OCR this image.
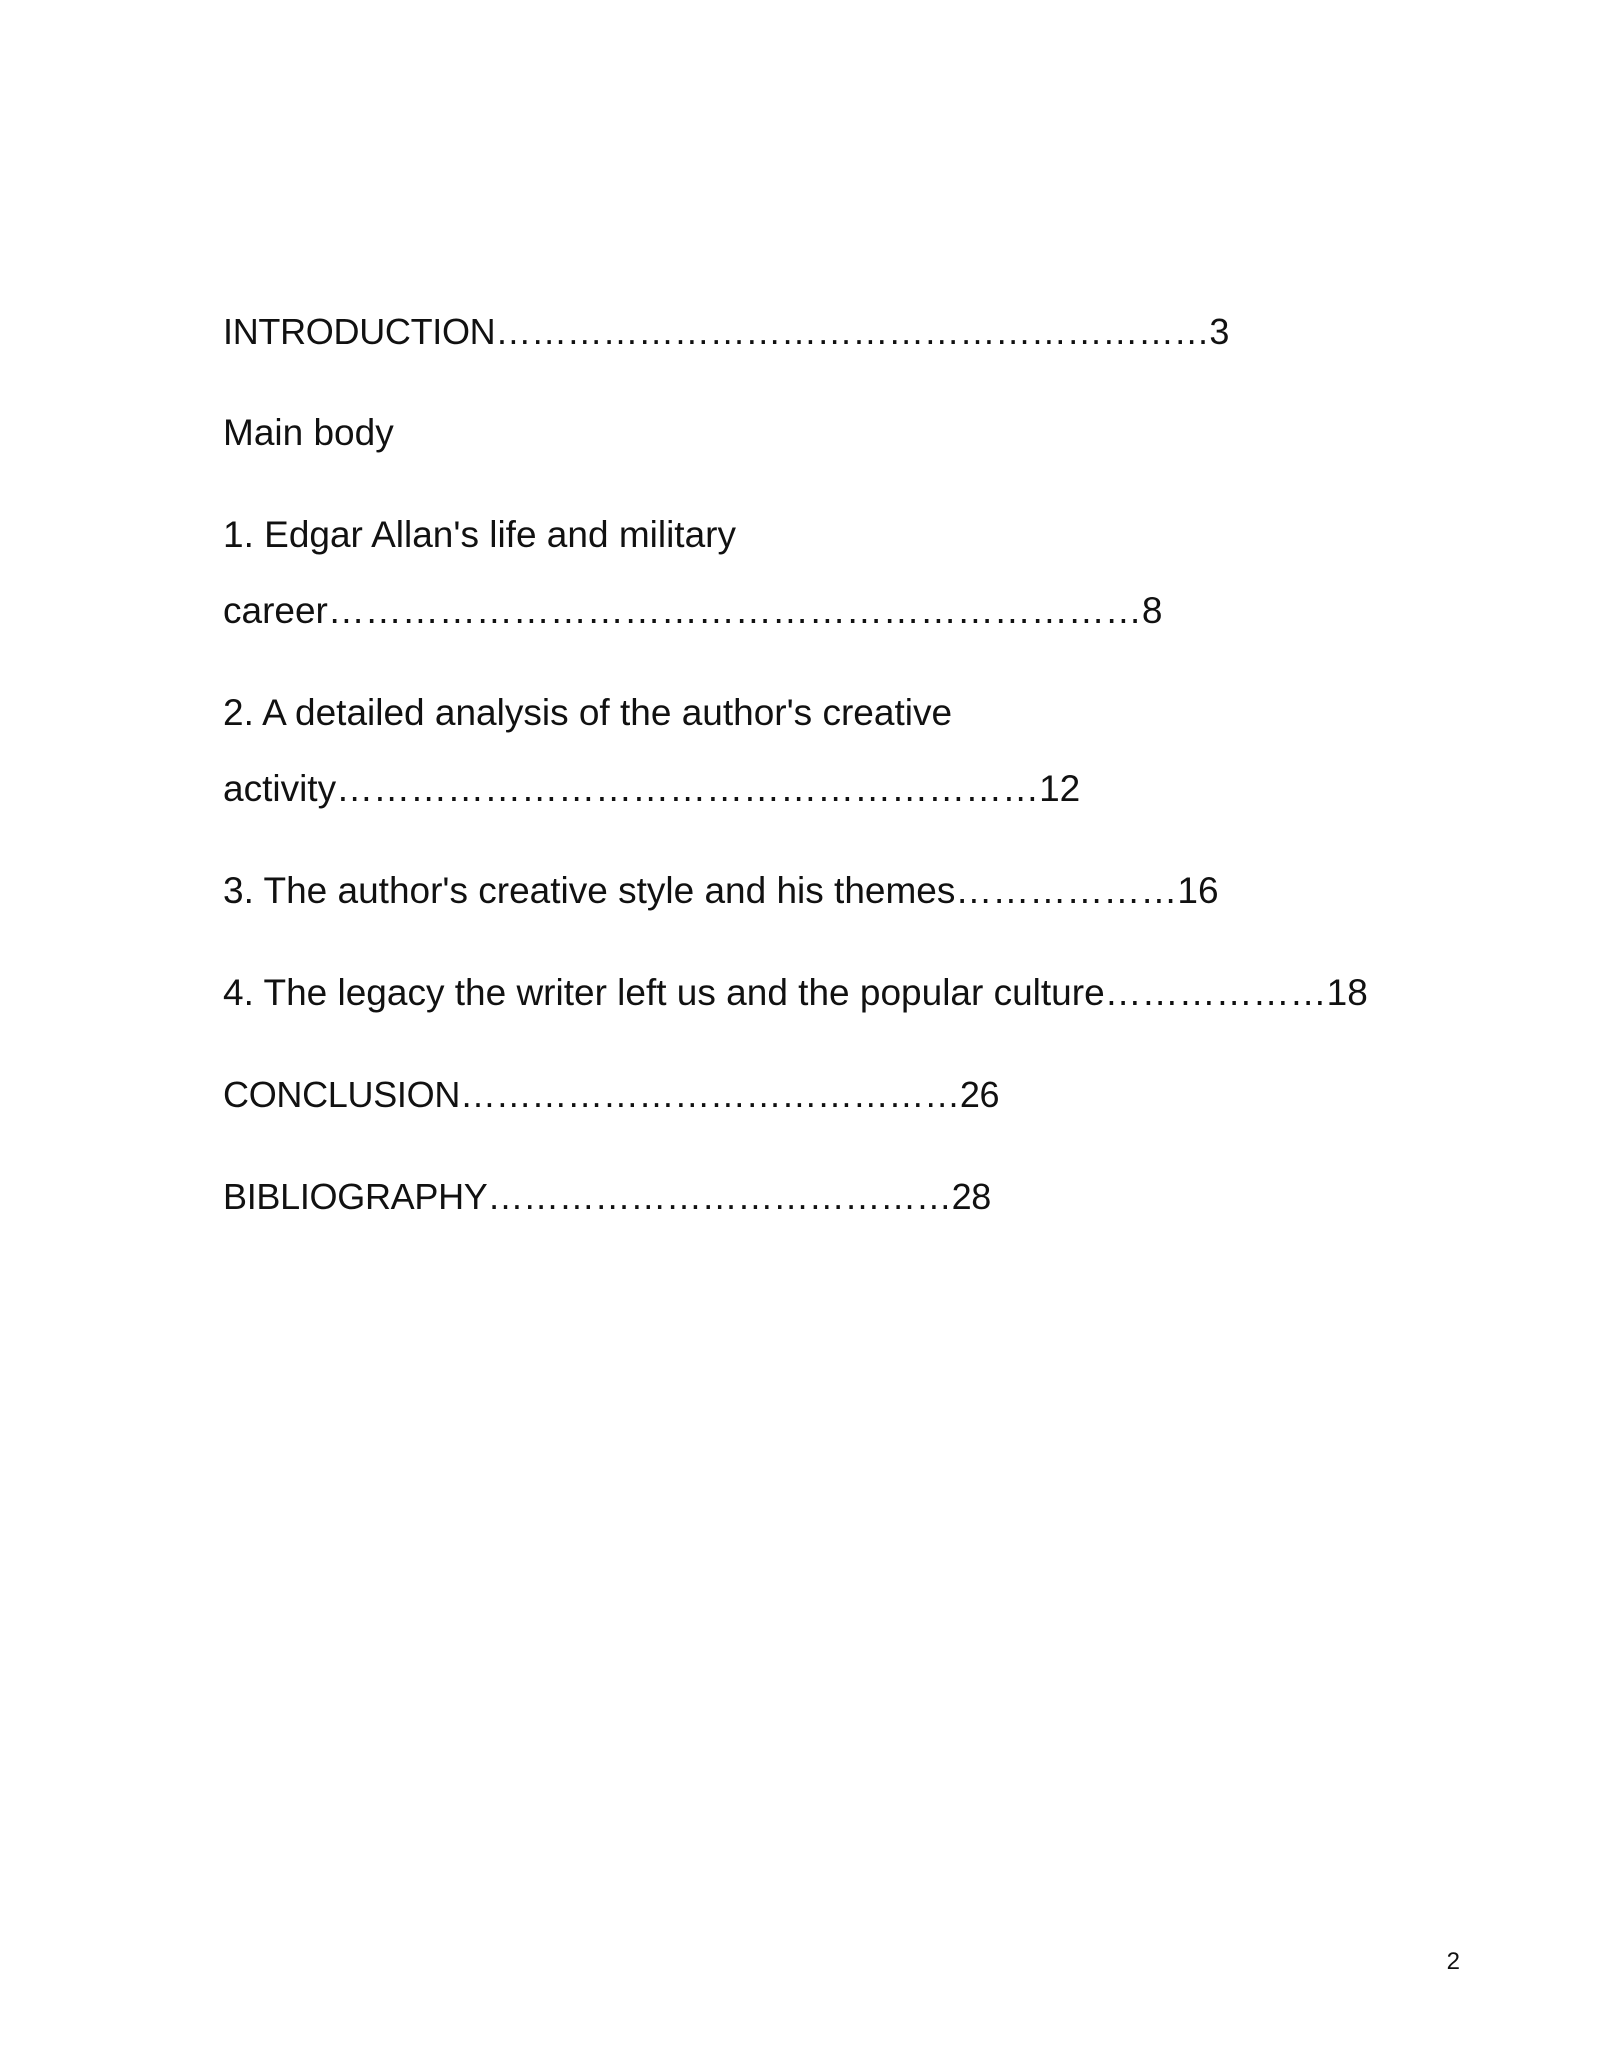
INTRODUCTION……………………………………………………3
Main body
1. Edgar Allan's life and military
career…………………………………………………………8
2. A detailed analysis of the author's creative
activity…………………………………………………12
3. The author's creative style and his themes………………16
4. The legacy the writer left us and the popular culture………………18
CONCLUSION……………………………………26
BIBLIOGRAPHY…………………………………28
2
